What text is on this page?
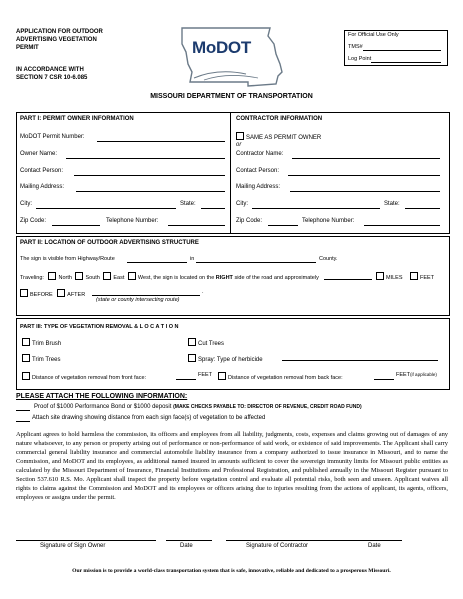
APPLICATION FOR OUTDOOR
ADVERTISING VEGETATION
PERMIT
IN ACCORDANCE WITH
SECTION 7 CSR 10-6.085
MoDOT
For Official Use Only
TMS#
Log Point
MISSOURI DEPARTMENT OF TRANSPORTATION
PART I: PERMIT OWNER INFORMATION
MoDOT Permit Number:
Owner Name:
Contact Person:
Mailing Address:
City:	State:
Zip Code:	Telephone Number:
CONTRACTOR INFORMATION
SAME AS PERMIT OWNER
or
Contractor Name:
Contact Person:
Mailing Address:
City:	State:
Zip Code:	Telephone Number:
PART II: LOCATION OF OUTDOOR ADVERTISING STRUCTURE
The sign is visible from Highway/Route	in	County.
Traveling:	North South East West, the sign is located on the RIGHT side of the road and approximately	MILES	FEET
BEFORE	AFTER	.
(state or county intersecting route)
PART III: TYPE OF VEGETATION REMOVAL & L O C A T I O N
Trim Brush	Cut Trees
Trim Trees	Spray: Type of herbicide
Distance of vegetation removal from front face:	FEET	Distance of vegetation removal from back face:	FEET(if applicable)
PLEASE ATTACH THE FOLLOWING INFORMATION:
Proof of $1000 Performance Bond or $1000 deposit (MAKE CHECKS PAYABLE TO: DIRECTOR OF REVENUE, CREDIT ROAD FUND)
Attach site drawing showing distance from each sign face(s) of vegetation to be affected
Applicant agrees to hold harmless the commission, its officers and employees from all liability, judgments, costs, expenses and claims growing out of damages of any nature whatsoever, to any person or property arising out of performance or non-performance of said work, or existence of said improvements. The Applicant shall carry commercial general liability insurance and commercial automobile liability insurance from a company authorized to issue insurance in Missouri, and to name the Commission, and MoDOT and its employees, as additional named insured in amounts sufficient to cover the sovereign immunity limits for Missouri public entities as calculated by the Missouri Department of Insurance, Financial Institutions and Professional Registration, and published annually in the Missouri Register pursuant to Section 537.610 R.S. Mo. Applicant shall inspect the property before vegetation control and evaluate all potential risks, both seen and unseen. Applicant waives all rights to claims against the Commission and MoDOT and its employees or officers arising due to injuries resulting from the actions of applicant, its agents, officers, employees or assigns under the permit.
Signature of Sign Owner	Date	Signature of Contractor	Date
Our mission is to provide a world-class transportation system that is safe, innovative, reliable and dedicated to a prosperous Missouri.
